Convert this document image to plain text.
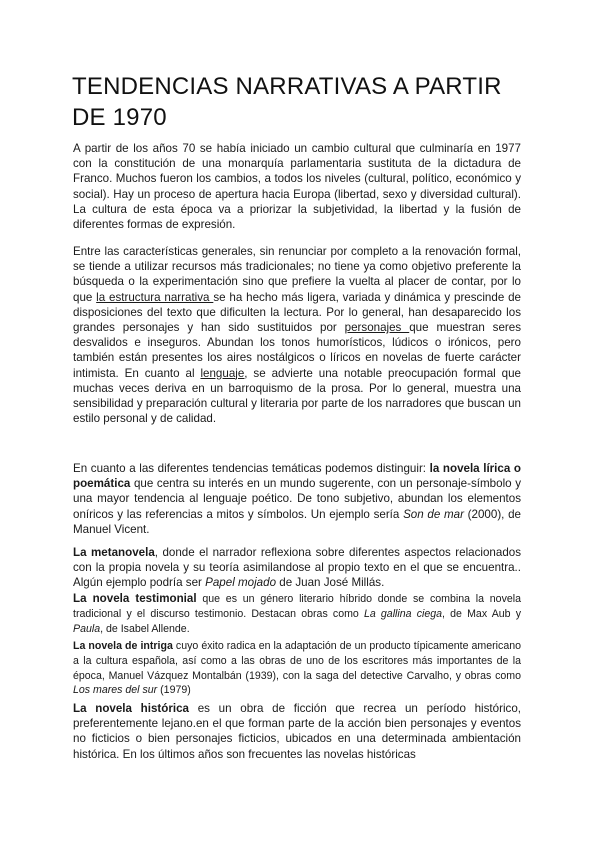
TENDENCIAS NARRATIVAS A PARTIR DE 1970

A partir de los años 70 se había iniciado un cambio cultural que culminaría en 1977 con la constitución de una monarquía parlamentaria sustituta de la dictadura de Franco. Muchos fueron los cambios, a todos los niveles (cultural, político, económico y social). Hay un proceso de apertura hacia Europa (libertad, sexo y diversidad cultural). La cultura de esta época va a priorizar la subjetividad, la libertad y la fusión de diferentes formas de expresión.

Entre las características generales, sin renunciar por completo a la renovación formal, se tiende a utilizar recursos más tradicionales; no tiene ya como objetivo preferente la búsqueda o la experimentación sino que prefiere la vuelta al placer de contar, por lo que la estructura narrativa se ha hecho más ligera, variada y dinámica y prescinde de disposiciones del texto que dificulten la lectura. Por lo general, han desaparecido los grandes personajes y han sido sustituidos por personajes que muestran seres desvalidos e inseguros. Abundan los tonos humorísticos, lúdicos o irónicos, pero también están presentes los aires nostálgicos o líricos en novelas de fuerte carácter intimista. En cuanto al lenguaje, se advierte una notable preocupación formal que muchas veces deriva en un barroquismo de la prosa. Por lo general, muestra una sensibilidad y preparación cultural y literaria por parte de los narradores que buscan un estilo personal y de calidad.

En cuanto a las diferentes tendencias temáticas podemos distinguir: la novela lírica o poemática que centra su interés en un mundo sugerente, con un personaje-símbolo y una mayor tendencia al lenguaje poético. De tono subjetivo, abundan los elementos oníricos y las referencias a mitos y símbolos. Un ejemplo sería Son de mar (2000), de Manuel Vicent.

La metanovela, donde el narrador reflexiona sobre diferentes aspectos relacionados con la propia novela y su teoría asimilandose al propio texto en el que se encuentra.. Algún ejemplo podría ser Papel mojado de Juan José Millás.

La novela testimonial que es un género literario híbrido donde se combina la novela tradicional y el discurso testimonio. Destacan obras como La gallina ciega, de Max Aub y Paula, de Isabel Allende.

La novela de intriga cuyo éxito radica en la adaptación de un producto típicamente americano a la cultura española, así como a las obras de uno de los escritores más importantes de la época, Manuel Vázquez Montalbán (1939), con la saga del detective Carvalho, y obras como Los mares del sur (1979)

La novela histórica es un obra de ficción que recrea un período histórico, preferentemente lejano.en el que forman parte de la acción bien personajes y eventos no ficticios o bien personajes ficticios, ubicados en una determinada ambientación histórica. En los últimos años son frecuentes las novelas históricas
